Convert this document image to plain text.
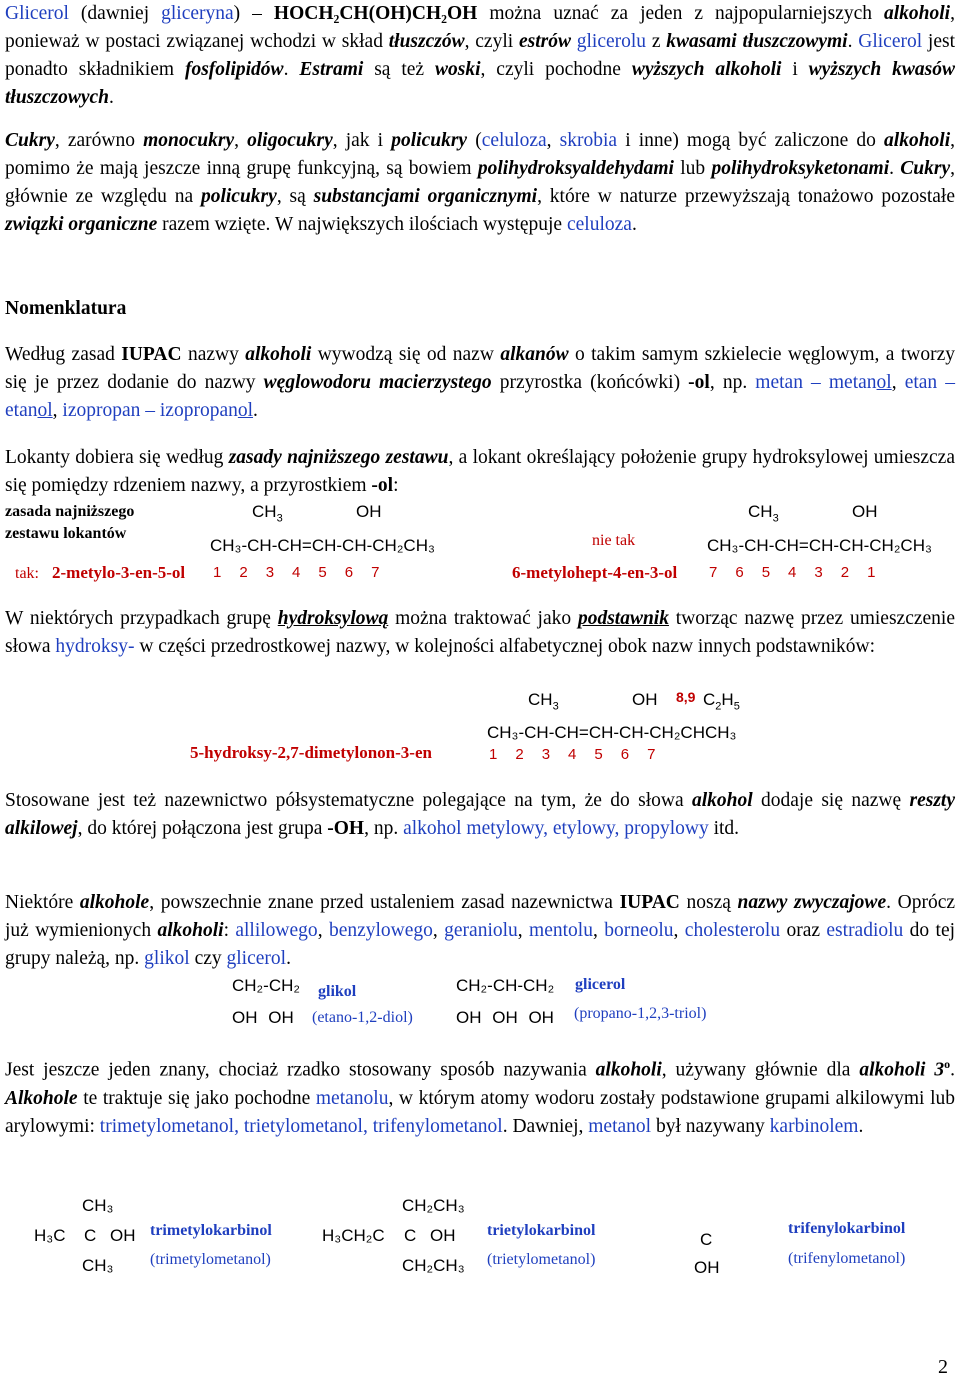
Glicerol (dawniej gliceryna) – HOCH₂CH(OH)CH₂OH można uznać za jeden z najpopularniejszych alkoholi, ponieważ w postaci związanej wchodzi w skład tłuszczów, czyli estrów glicerolu z kwasami tłuszczowymi. Glicerol jest ponadto składnikiem fosfolipidów. Estrami są też woski, czyli pochodne wyższych alkoholi i wyższych kwasów tłuszczowych.
Cukry, zarówno monocukry, oligocukry, jak i policukry (celuloza, skrobia i inne) mogą być zaliczone do alkoholi, pomimo że mają jeszcze inną grupę funkcyjną, są bowiem polihydroksyaldehydami lub polihydroksyketonami. Cukry, głównie ze względu na policukry, są substancjami organicznymi, które w naturze przewyższają tonażowo pozostałe związki organiczne razem wzięte. W największych ilościach występuje celuloza.
Nomenklatura
Według zasad IUPAC nazwy alkoholi wywodzą się od nazw alkanów o takim samym szkielecie węglowym, a tworzy się je przez dodanie do nazwy węglowodoru macierzystego przyrostka (końcówki) -ol, np. metan – metanol, etan – etanol, izopropan – izopropanol.
Lokanty dobiera się według zasady najniższego zestawu, a lokant określający położenie grupy hydroksylowej umieszcza się pomiędzy rdzeniem nazwy, a przyrostkiem -ol:
zasada najniższego
zestawu lokantów
$CH_3$	OH
CH₃-CH-CH=CH-CH-CH₂CH₃
tak: 2-metylo-3-en-5-ol 1 2 3 4 5 6 7
nie tak
$CH_3$	OH
CH₃-CH-CH=CH-CH-CH₂CH₃
6-metylohept-4-en-3-ol 7 6 5 4 3 2 1
W niektórych przypadkach grupę hydroksylową można traktować jako podstawnik tworząc nazwę przez umieszczenie słowa hydroksy- w części przedrostkowej nazwy, w kolejności alfabetycznej obok nazw innych podstawników:
$CH_3$	OH 8,9 $C_2H_5$
CH₃-CH-CH=CH-CH-CH₂CHCH₃
5-hydroksy-2,7-dimetylonon-3-en	1 2 3 4 5 6 7
Stosowane jest też nazewnictwo półsystematyczne polegające na tym, że do słowa alkohol dodaje się nazwę reszty alkilowej, do której połączona jest grupa -OH, np. alkohol metylowy, etylowy, propylowy itd.
Niektóre alkohole, powszechnie znane przed ustaleniem zasad nazewnictwa IUPAC noszą nazwy zwyczajowe. Oprócz już wymienionych alkoholi: allilowego, benzylowego, geraniolu, mentolu, borneolu, cholesterolu oraz estradiolu do tej grupy należą, np. glikol czy glicerol.
CH₂-CH₂ glikol
OH OH (etano-1,2-diol)
CH₂-CH-CH₂ glicerol
OH OH OH (propano-1,2,3-triol)
Jest jeszcze jeden znany, chociaż rzadko stosowany sposób nazywania alkoholi, używany głównie dla alkoholi 3$^o$. Alkohole te traktuje się jako pochodne metanolu, w którym atomy wodoru zostały podstawione grupami alkilowymi lub arylowymi: trimetylometanol, trietylometanol, trifenylometanol. Dawniej, metanol był nazywany karbinolem.
CH₃
H₃C C OH
CH₃
trimetylokarbinol
(trimetylometanol)
CH₂CH₃
H₃CH₂C C OH
CH₂CH₃
trietylokarbinol
(trietylometanol)
C
OH
trifenylokarbinol
(trifenylometanol)
2
